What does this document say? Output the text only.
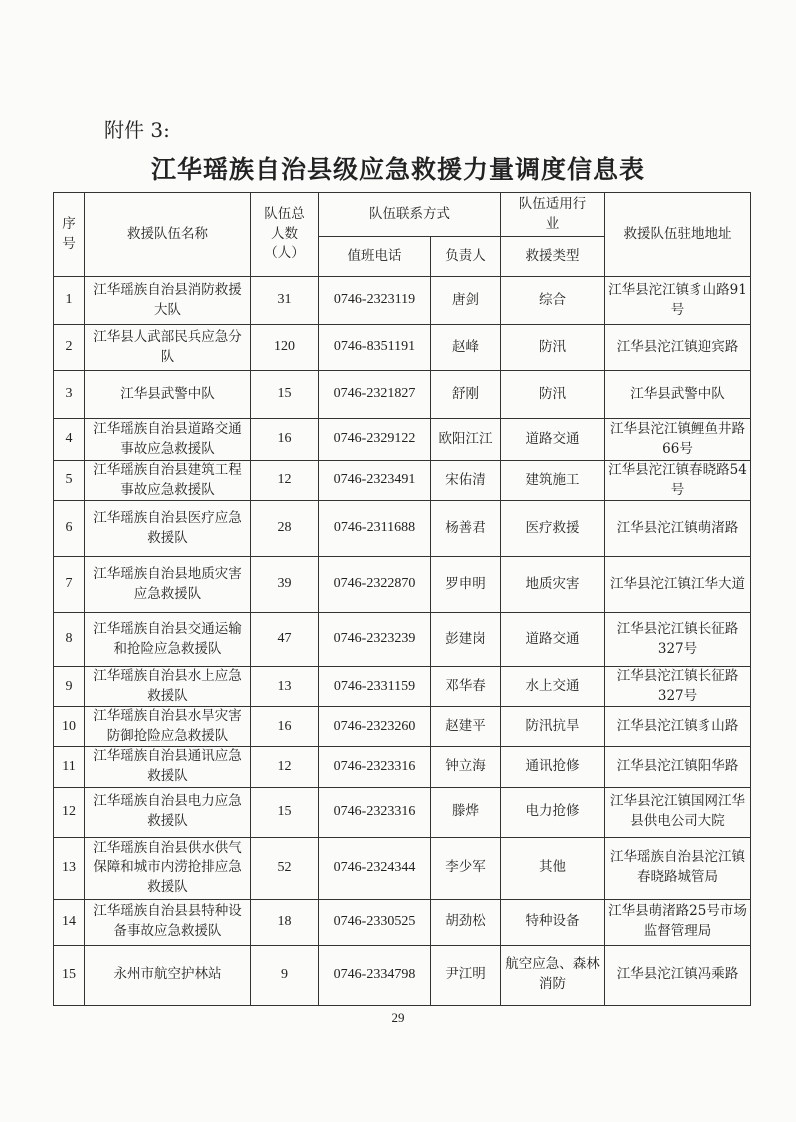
附件 3:
江华瑶族自治县级应急救援力量调度信息表
序号	救援队伍名称	队伍总人数（人）	队伍联系方式		队伍适用行业	救援队伍驻地地址
			值班电话	负责人	救援类型	
1	江华瑶族自治县消防救援大队	31	0746-2323119	唐剑	综合	江华县沱江镇豸山路91号
2	江华县人武部民兵应急分队	120	0746-8351191	赵峰	防汛	江华县沱江镇迎宾路
3	江华县武警中队	15	0746-2321827	舒刚	防汛	江华县武警中队
4	江华瑶族自治县道路交通事故应急救援队	16	0746-2329122	欧阳江江	道路交通	江华县沱江镇鲤鱼井路66号
5	江华瑶族自治县建筑工程事故应急救援队	12	0746-2323491	宋佑清	建筑施工	江华县沱江镇春晓路54号
6	江华瑶族自治县医疗应急救援队	28	0746-2311688	杨善君	医疗救援	江华县沱江镇萌渚路
7	江华瑶族自治县地质灾害应急救援队	39	0746-2322870	罗申明	地质灾害	江华县沱江镇江华大道
8	江华瑶族自治县交通运输和抢险应急救援队	47	0746-2323239	彭建岗	道路交通	江华县沱江镇长征路327号
9	江华瑶族自治县水上应急救援队	13	0746-2331159	邓华春	水上交通	江华县沱江镇长征路327号
10	江华瑶族自治县水旱灾害防御抢险应急救援队	16	0746-2323260	赵建平	防汛抗旱	江华县沱江镇豸山路
11	江华瑶族自治县通讯应急救援队	12	0746-2323316	钟立海	通讯抢修	江华县沱江镇阳华路
12	江华瑶族自治县电力应急救援队	15	0746-2323316	滕烨	电力抢修	江华县沱江镇国网江华县供电公司大院
13	江华瑶族自治县供水供气保障和城市内涝抢排应急救援队	52	0746-2324344	李少军	其他	江华瑶族自治县沱江镇春晓路城管局
14	江华瑶族自治县县特种设备事故应急救援队	18	0746-2330525	胡劲松	特种设备	江华县萌渚路25号市场监督管理局
15	永州市航空护林站	9	0746-2334798	尹江明	航空应急、森林消防	江华县沱江镇冯乘路
29
